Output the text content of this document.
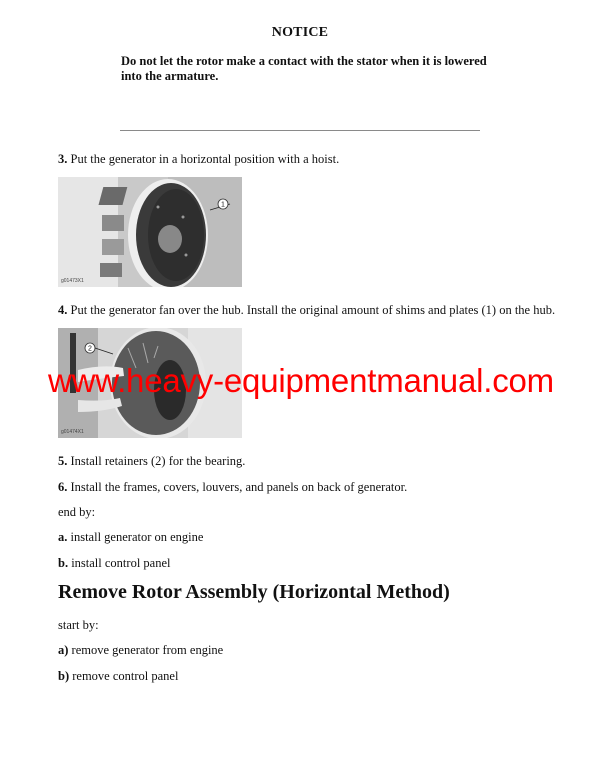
NOTICE
Do not let the rotor make a contact with the stator when it is lowered into the armature.
3. Put the generator in a horizontal position with a hoist.
1
g01473X1
4. Put the generator fan over the hub. Install the original amount of shims and plates (1) on the hub.
2
g01474X1
5. Install retainers (2) for the bearing.
6. Install the frames, covers, louvers, and panels on back of generator.
end by:
a. install generator on engine
b. install control panel
Remove Rotor Assembly (Horizontal Method)
start by:
a) remove generator from engine
b) remove control panel
www.heavy-equipmentmanual.com
